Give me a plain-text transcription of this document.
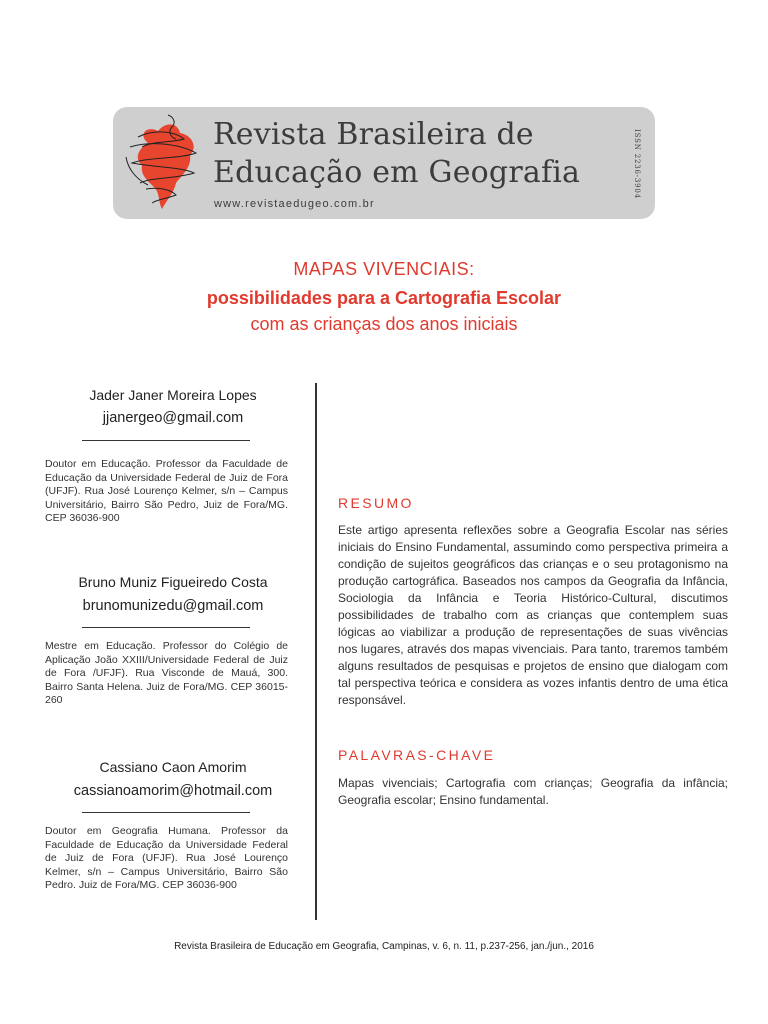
Revista Brasileira de
Educação em Geografia
www.revistaedugeo.com.br
ISSN 2236-3904
MAPAS VIVENCIAIS:
possibilidades para a Cartografia Escolar
com as crianças dos anos iniciais
Jader Janer Moreira Lopes
jjanergeo@gmail.com
Doutor em Educação. Professor da Faculdade de Educação da Universidade Federal de Juiz de Fora (UFJF). Rua José Lourenço Kelmer, s/n – Campus Universitário, Bairro São Pedro, Juiz de Fora/MG. CEP 36036-900
Bruno Muniz Figueiredo Costa
brunomunizedu@gmail.com
Mestre em Educação. Professor do Colégio de Aplicação João XXIII/Universidade Federal de Juiz de Fora /UFJF). Rua Visconde de Mauá, 300. Bairro Santa Helena. Juiz de Fora/MG. CEP 36015-260
Cassiano Caon Amorim
cassianoamorim@hotmail.com
Doutor em Geografia Humana. Professor da Faculdade de Educação da Universidade Federal de Juiz de Fora (UFJF). Rua José Lourenço Kelmer, s/n – Campus Universitário, Bairro São Pedro. Juiz de Fora/MG. CEP 36036-900
RESUMO
Este artigo apresenta reflexões sobre a Geografia Escolar nas séries iniciais do Ensino Fundamental, assumindo como perspectiva primeira a condição de sujeitos geográficos das crianças e o seu protagonismo na produção cartográfica. Baseados nos campos da Geografia da Infância, Sociologia da Infância e Teoria Histórico-Cultural, discutimos possibilidades de trabalho com as crianças que contemplem suas lógicas ao viabilizar a produção de representações de suas vivências nos lugares, através dos mapas vivenciais. Para tanto, traremos também alguns resultados de pesquisas e projetos de ensino que dialogam com tal perspectiva teórica e considera as vozes infantis dentro de uma ética responsável.
PALAVRAS-CHAVE
Mapas vivenciais; Cartografia com crianças; Geografia da infância; Geografia escolar; Ensino fundamental.
Revista Brasileira de Educação em Geografia, Campinas, v. 6, n. 11, p.237-256, jan./jun., 2016
